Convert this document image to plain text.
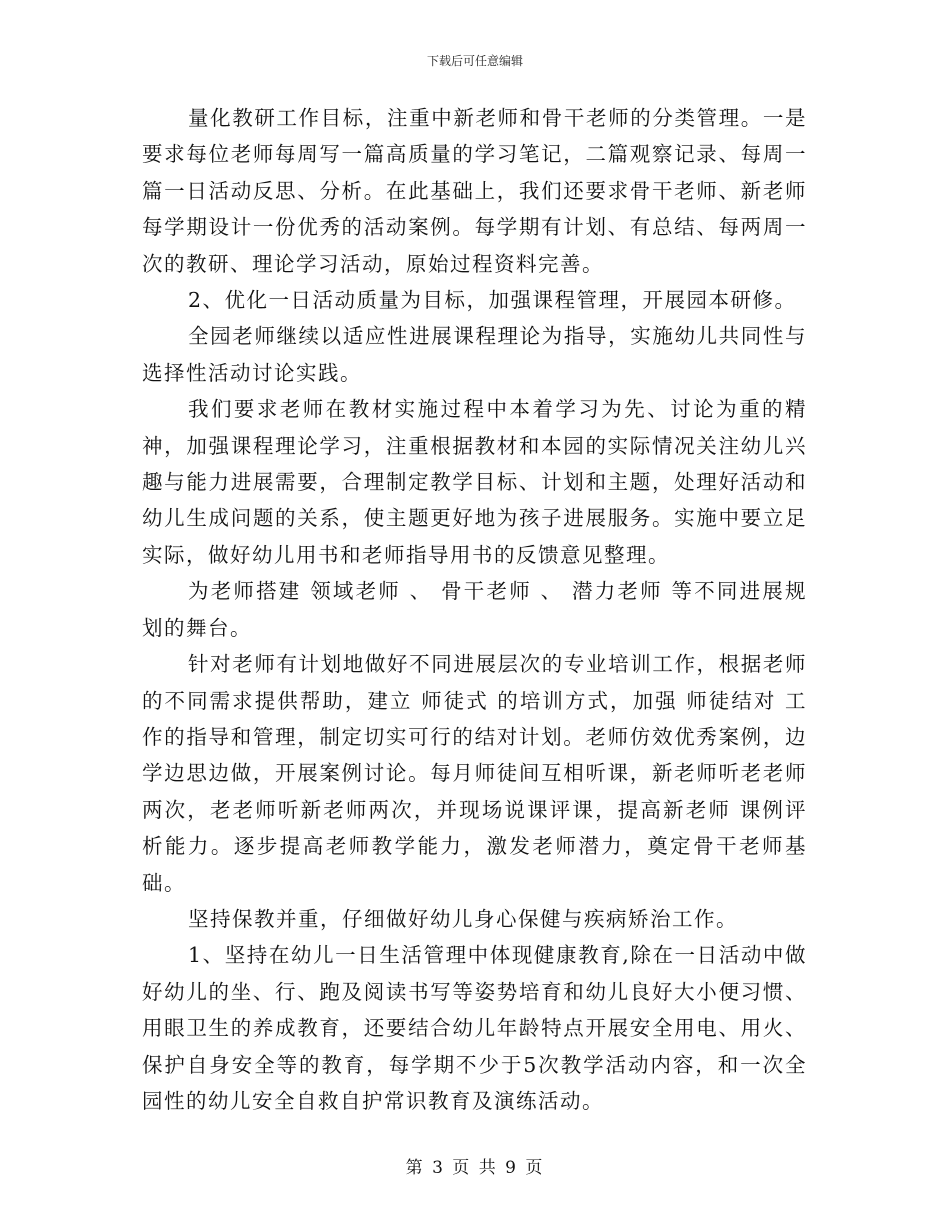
下载后可任意编辑

量化教研工作目标，注重中新老师和骨干老师的分类管理。一是要求每位老师每周写一篇高质量的学习笔记，二篇观察记录、每周一篇一日活动反思、分析。在此基础上，我们还要求骨干老师、新老师每学期设计一份优秀的活动案例。每学期有计划、有总结、每两周一次的教研、理论学习活动，原始过程资料完善。

2、优化一日活动质量为目标，加强课程管理，开展园本研修。

全园老师继续以适应性进展课程理论为指导，实施幼儿共同性与选择性活动讨论实践。

我们要求老师在教材实施过程中本着学习为先、讨论为重的精神，加强课程理论学习，注重根据教材和本园的实际情况关注幼儿兴趣与能力进展需要，合理制定教学目标、计划和主题，处理好活动和幼儿生成问题的关系，使主题更好地为孩子进展服务。实施中要立足实际，做好幼儿用书和老师指导用书的反馈意见整理。

为老师搭建 领域老师 、 骨干老师 、 潜力老师 等不同进展规划的舞台。

针对老师有计划地做好不同进展层次的专业培训工作，根据老师的不同需求提供帮助，建立 师徒式 的培训方式，加强 师徒结对 工作的指导和管理，制定切实可行的结对计划。老师仿效优秀案例，边学边思边做，开展案例讨论。每月师徒间互相听课，新老师听老老师两次，老老师听新老师两次，并现场说课评课，提高新老师 课例评析能力。逐步提高老师教学能力，激发老师潜力，奠定骨干老师基础。

坚持保教并重，仔细做好幼儿身心保健与疾病矫治工作。

1、坚持在幼儿一日生活管理中体现健康教育,除在一日活动中做好幼儿的坐、行、跑及阅读书写等姿势培育和幼儿良好大小便习惯、用眼卫生的养成教育，还要结合幼儿年龄特点开展安全用电、用火、保护自身安全等的教育，每学期不少于5次教学活动内容，和一次全园性的幼儿安全自救自护常识教育及演练活动。

第 3 页 共 9 页
